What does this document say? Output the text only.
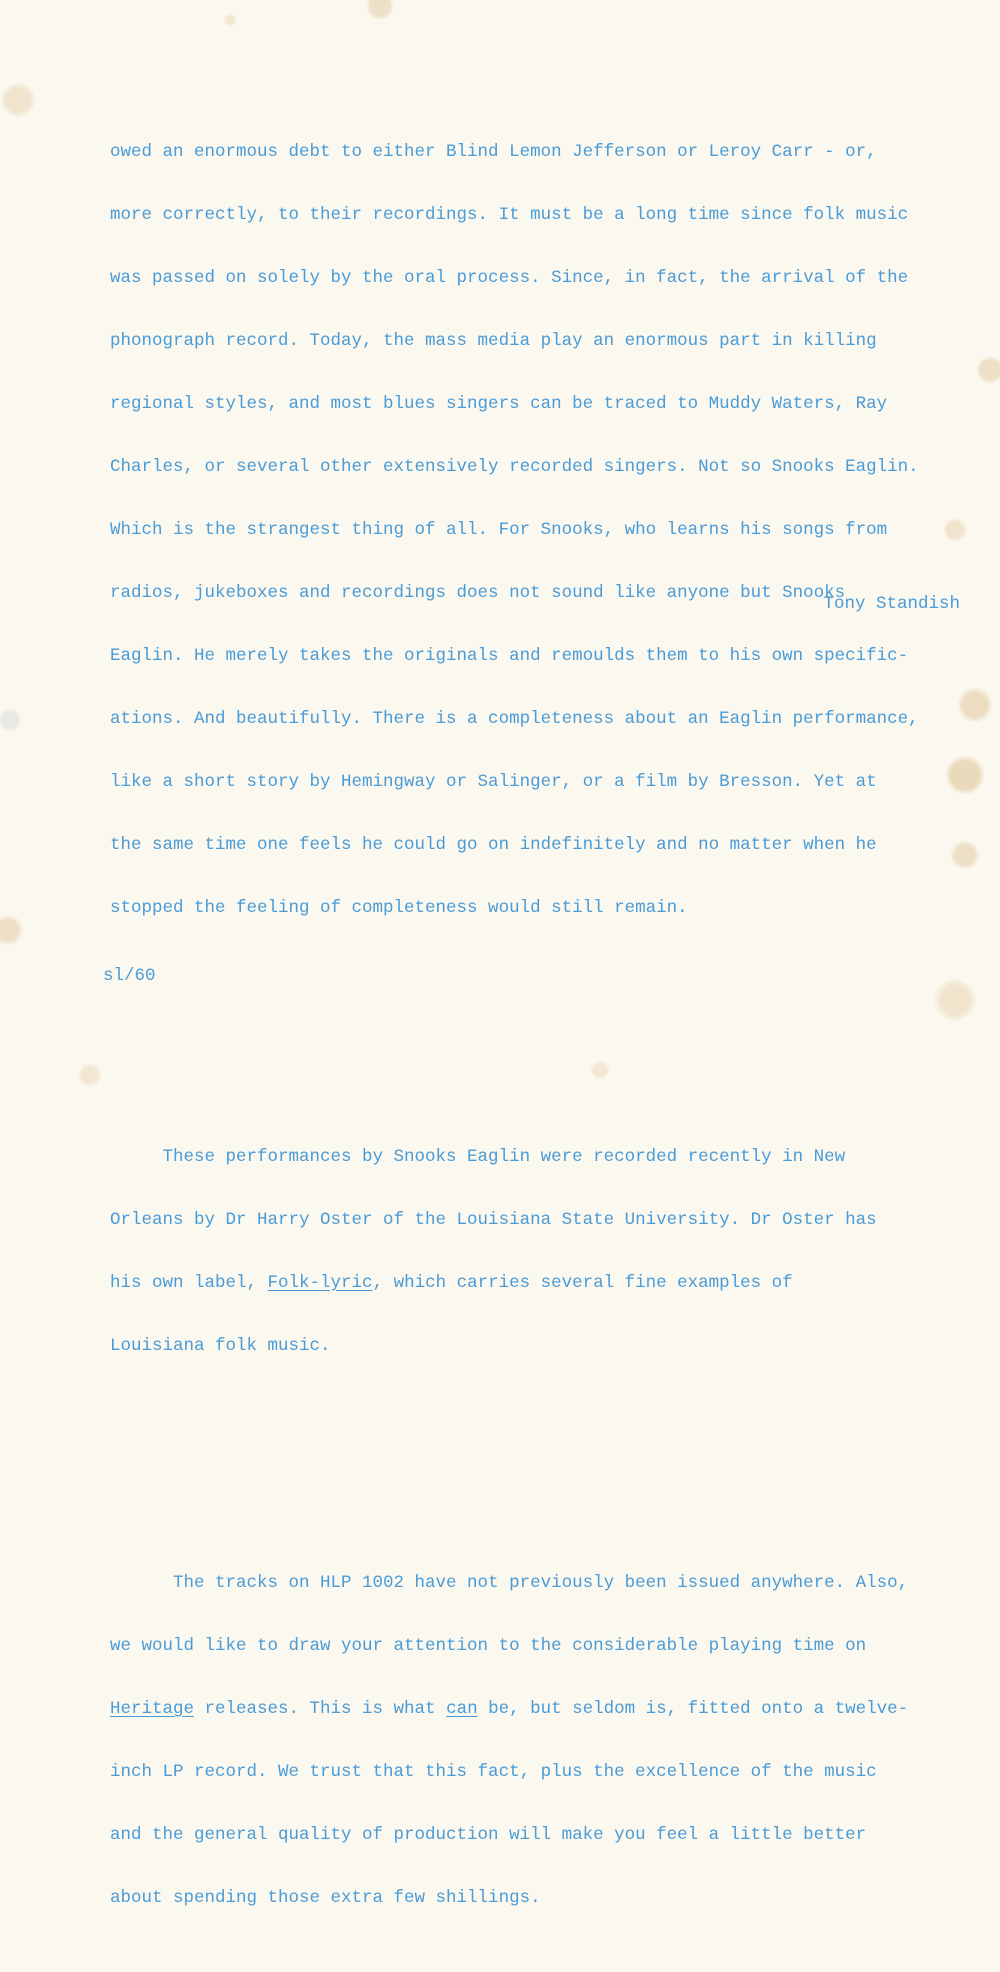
owed an enormous debt to either Blind Lemon Jefferson or Leroy Carr - or,

more correctly, to their recordings. It must be a long time since folk music

was passed on solely by the oral process. Since, in fact, the arrival of the

phonograph record. Today, the mass media play an enormous part in killing

regional styles, and most blues singers can be traced to Muddy Waters, Ray

Charles, or several other extensively recorded singers. Not so Snooks Eaglin.

Which is the strangest thing of all. For Snooks, who learns his songs from

radios, jukeboxes and recordings does not sound like anyone but Snooks

Eaglin. He merely takes the originals and remoulds them to his own specific-

ations. And beautifully. There is a completeness about an Eaglin performance,

like a short story by Hemingway or Salinger, or a film by Bresson. Yet at

the same time one feels he could go on indefinitely and no matter when he

stopped the feeling of completeness would still remain.

These performances by Snooks Eaglin were recorded recently in New

Orleans by Dr Harry Oster of the Louisiana State University. Dr Oster has

his own label, Folk-lyric, which carries several fine examples of

Louisiana folk music.

The tracks on HLP 1002 have not previously been issued anywhere. Also,

we would like to draw your attention to the considerable playing time on

Heritage releases. This is what can be, but seldom is, fitted onto a twelve-

inch LP record. We trust that this fact, plus the excellence of the music

and the general quality of production will make you feel a little better

about spending those extra few shillings.

Tony Standish
sl/60
